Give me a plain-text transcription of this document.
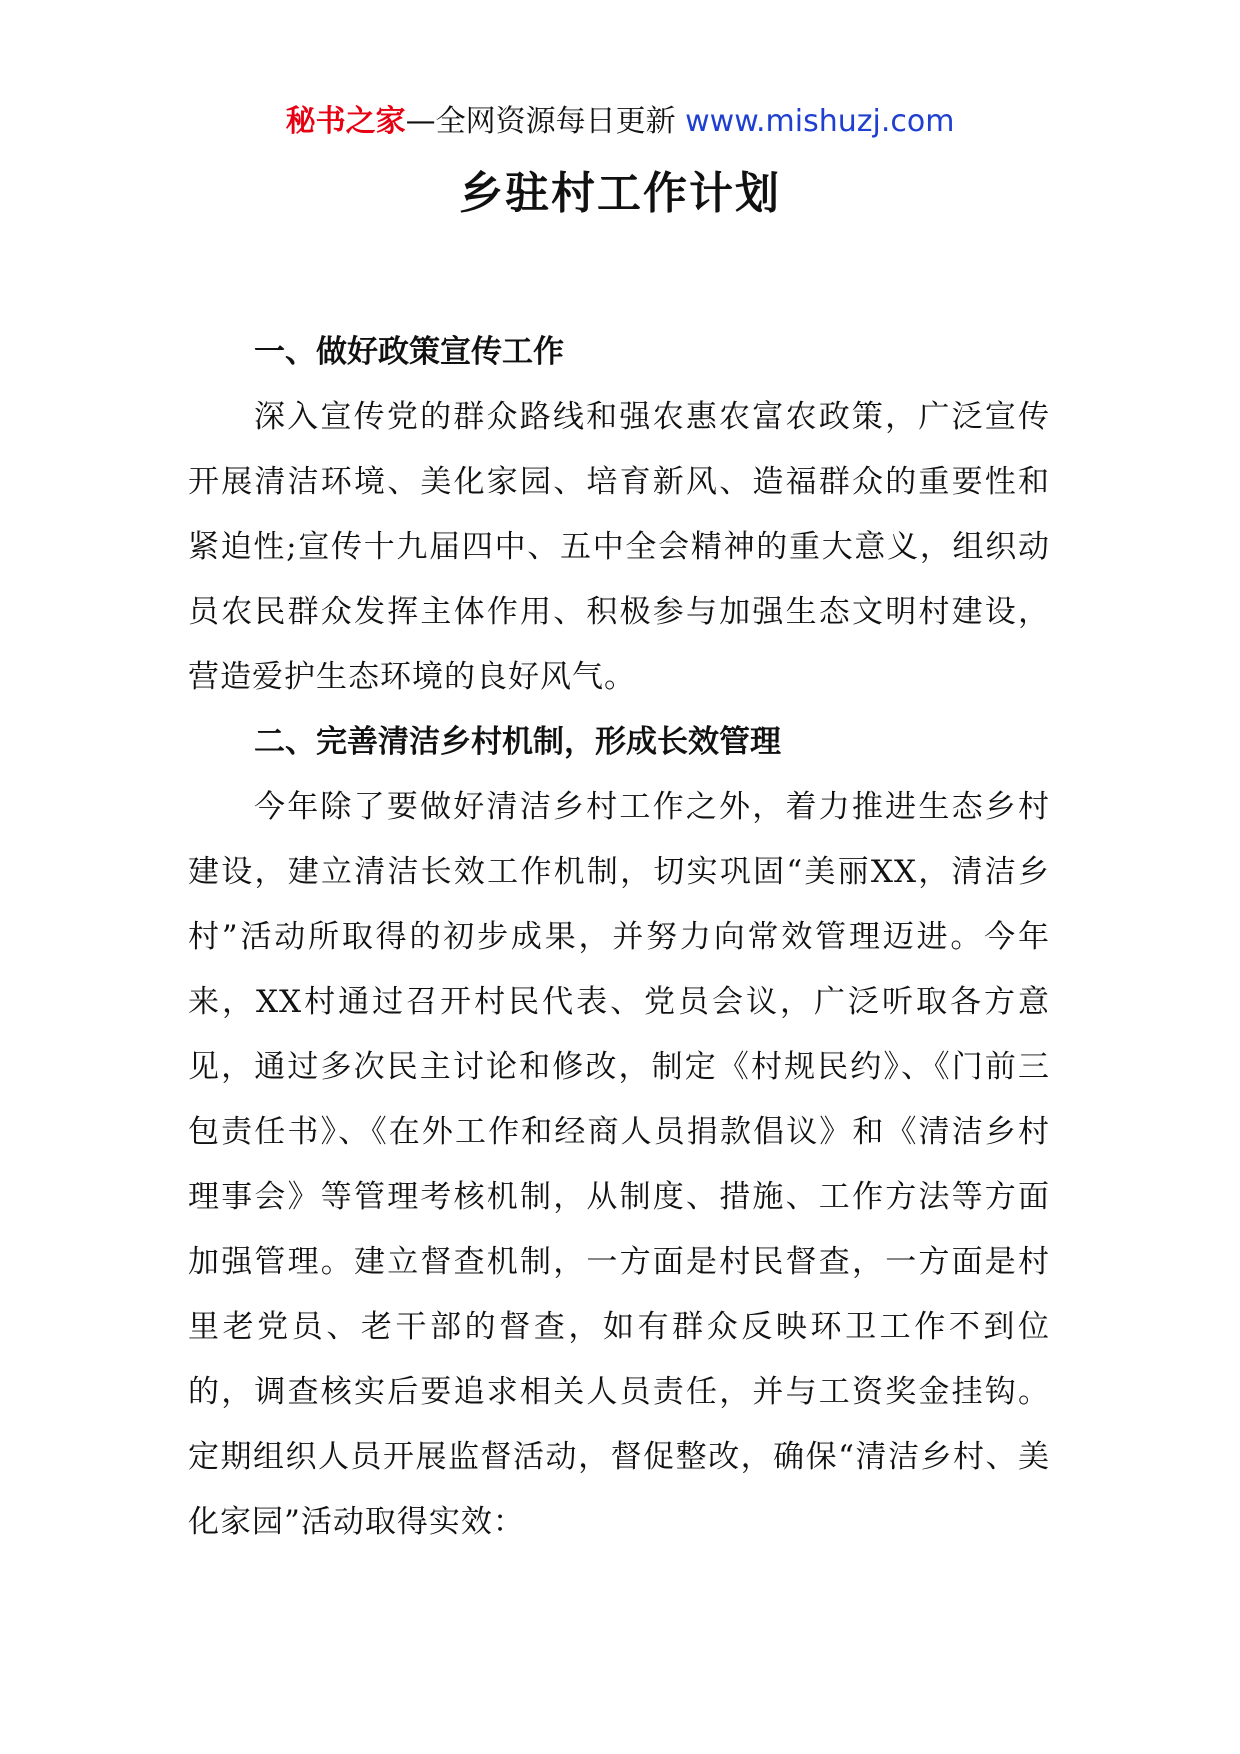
秘书之家—全网资源每日更新 www.mishuzj.com
乡驻村工作计划
一、做好政策宣传工作

深入宣传党的群众路线和强农惠农富农政策，广泛宣传开展清洁环境、美化家园、培育新风、造福群众的重要性和紧迫性;宣传十九届四中、五中全会精神的重大意义，组织动员农民群众发挥主体作用、积极参与加强生态文明村建设，营造爱护生态环境的良好风气。

二、完善清洁乡村机制，形成长效管理

今年除了要做好清洁乡村工作之外，着力推进生态乡村建设，建立清洁长效工作机制，切实巩固“美丽XX，清洁乡村”活动所取得的初步成果，并努力向常效管理迈进。今年来，XX村通过召开村民代表、党员会议，广泛听取各方意见，通过多次民主讨论和修改，制定《村规民约》、《门前三包责任书》、《在外工作和经商人员捐款倡议》和《清洁乡村理事会》等管理考核机制，从制度、措施、工作方法等方面加强管理。建立督查机制，一方面是村民督查，一方面是村里老党员、老干部的督查，如有群众反映环卫工作不到位的，调查核实后要追求相关人员责任，并与工资奖金挂钩。定期组织人员开展监督活动，督促整改，确保“清洁乡村、美化家园”活动取得实效：
